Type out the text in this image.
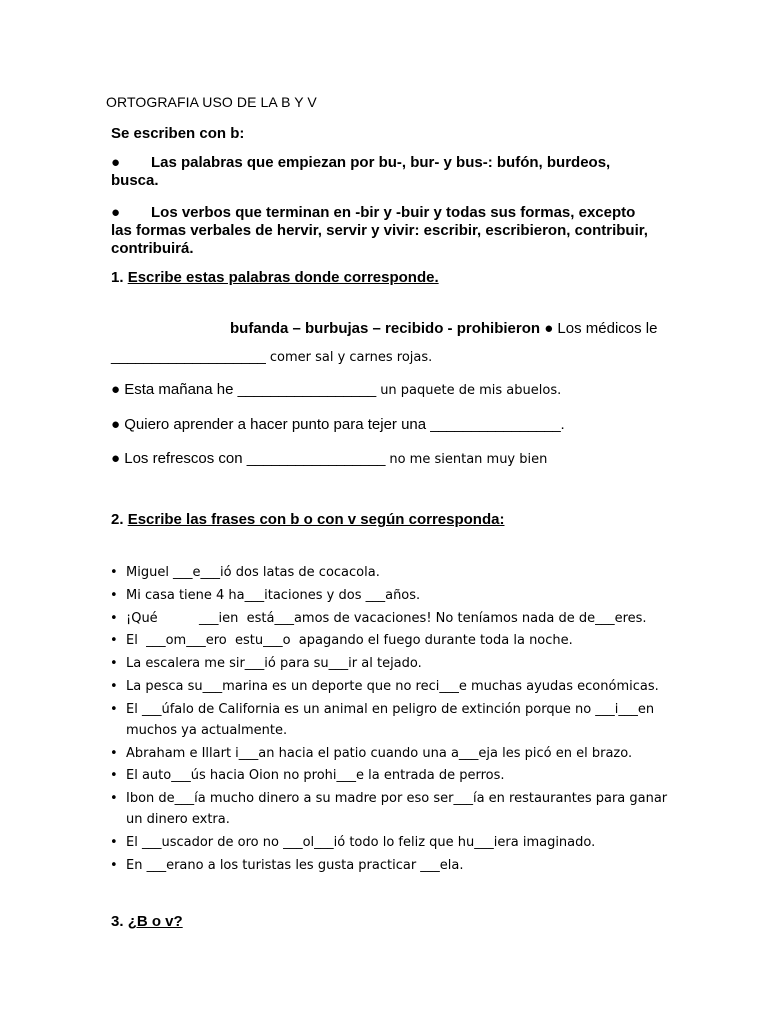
ORTOGRAFIA USO DE LA B Y V
Se escriben con b:
● Las palabras que empiezan por bu-, bur- y bus-: bufón, burdeos, busca.
● Los verbos que terminan en -bir y -buir y todas sus formas, excepto las formas verbales de hervir, servir y vivir: escribir, escribieron, contribuir, contribuirá.
1. Escribe estas palabras donde corresponde.
bufanda – burbujas – recibido - prohibieron ● Los médicos le
___________________ comer sal y carnes rojas.
● Esta mañana he _________________ un paquete de mis abuelos.
● Quiero aprender a hacer punto para tejer una ________________.
● Los refrescos con _________________ no me sientan muy bien
2. Escribe las frases con b o con v según corresponda:
• Miguel ___e___ió dos latas de cocacola.
• Mi casa tiene 4 ha___itaciones y dos ___años.
• ¡Qué          ___ien  está___amos de vacaciones! No teníamos nada de de___eres.
• El  ___om___ero  estu___o  apagando el fuego durante toda la noche.
• La escalera me sir___ió para su___ir al tejado.
• La pesca su___marina es un deporte que no reci___e muchas ayudas económicas.
• El ___úfalo de California es un animal en peligro de extinción porque no ___i___en muchos ya actualmente.
• Abraham e Illart i___an hacia el patio cuando una a___eja les picó en el brazo.
• El auto___ús hacia Oion no prohi___e la entrada de perros.
• Ibon de___ía mucho dinero a su madre por eso ser___ía en restaurantes para ganar un dinero extra.
• El ___uscador de oro no ___ol___ió todo lo feliz que hu___iera imaginado.
• En ___erano a los turistas les gusta practicar ___ela.
3. ¿B o v?
